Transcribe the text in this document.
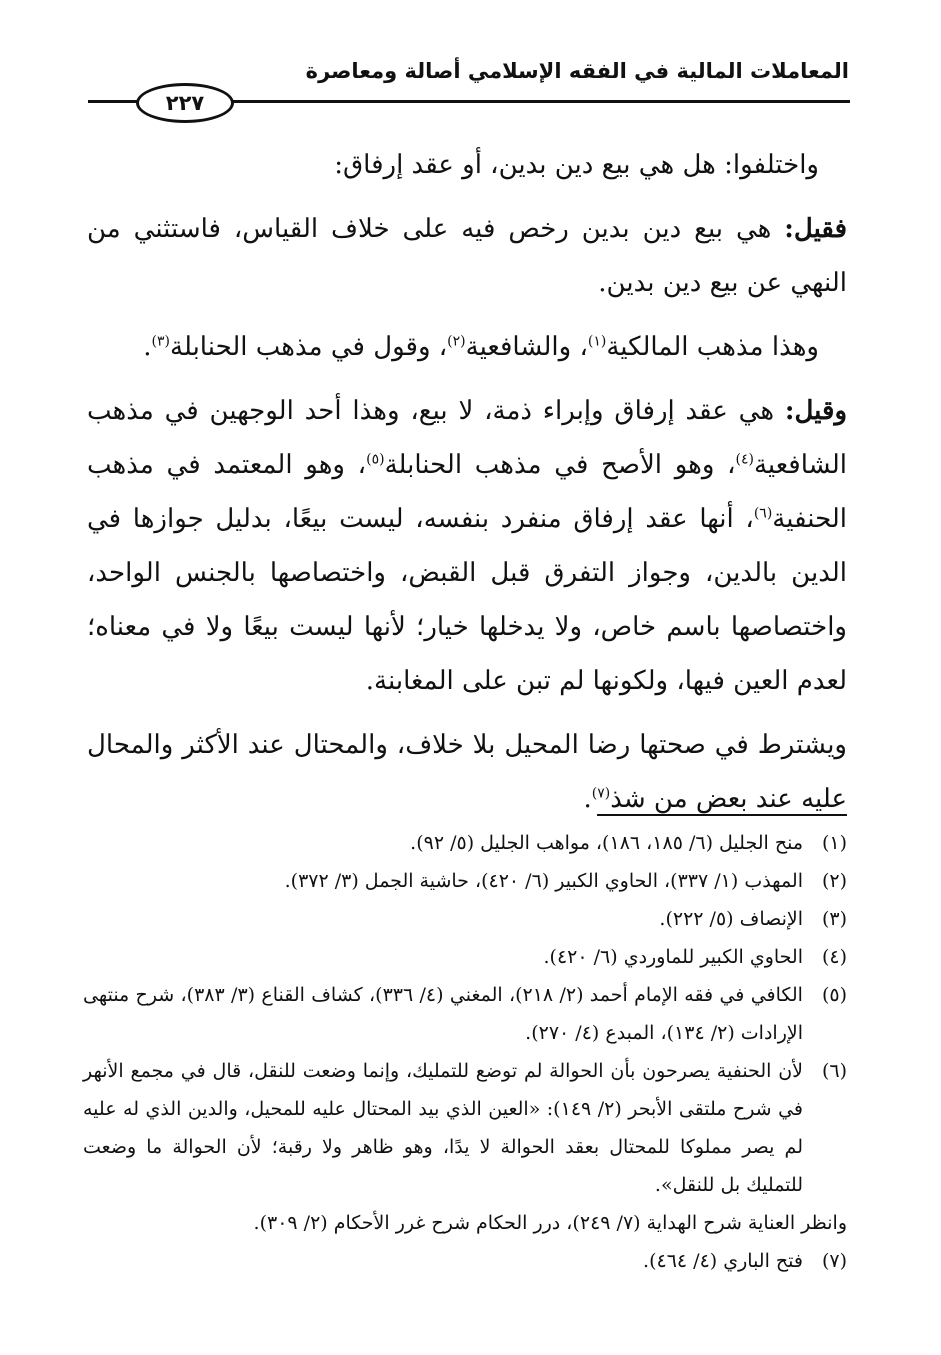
المعاملات المالية في الفقه الإسلامي أصالة ومعاصرة
٢٢٧

واختلفوا: هل هي بيع دين بدين، أو عقد إرفاق:

فقيل: هي بيع دين بدين رخص فيه على خلاف القياس، فاستثني من النهي عن بيع دين بدين.

وهذا مذهب المالكية$^{(١)}$، والشافعية$^{(٢)}$، وقول في مذهب الحنابلة$^{(٣)}$.

وقيل: هي عقد إرفاق وإبراء ذمة، لا بيع، وهذا أحد الوجهين في مذهب الشافعية$^{(٤)}$، وهو الأصح في مذهب الحنابلة$^{(٥)}$، وهو المعتمد في مذهب الحنفية$^{(٦)}$، أنها عقد إرفاق منفرد بنفسه، ليست بيعًا، بدليل جوازها في الدين بالدين، وجواز التفرق قبل القبض، واختصاصها بالجنس الواحد، واختصاصها باسم خاص، ولا يدخلها خيار؛ لأنها ليست بيعًا ولا في معناه؛ لعدم العين فيها، ولكونها لم تبن على المغابنة.

ويشترط في صحتها رضا المحيل بلا خلاف، والمحتال عند الأكثر والمحال عليه عند بعض من شذ$^{(٧)}$.

(١)
منح الجليل (٦/ ١٨٥، ١٨٦)، مواهب الجليل (٥/ ٩٢).
(٢)
المهذب (١/ ٣٣٧)، الحاوي الكبير (٦/ ٤٢٠)، حاشية الجمل (٣/ ٣٧٢).
(٣)
الإنصاف (٥/ ٢٢٢).
(٤)
الحاوي الكبير للماوردي (٦/ ٤٢٠).
(٥)
الكافي في فقه الإمام أحمد (٢/ ٢١٨)، المغني (٤/ ٣٣٦)، كشاف القناع (٣/ ٣٨٣)، شرح منتهى الإرادات (٢/ ١٣٤)، المبدع (٤/ ٢٧٠).
(٦)
لأن الحنفية يصرحون بأن الحوالة لم توضع للتمليك، وإنما وضعت للنقل، قال في مجمع الأنهر في شرح ملتقى الأبحر (٢/ ١٤٩): «العين الذي بيد المحتال عليه للمحيل، والدين الذي له عليه لم يصر مملوكا للمحتال بعقد الحوالة لا يدًا، وهو ظاهر ولا رقبة؛ لأن الحوالة ما وضعت للتمليك بل للنقل».
وانظر العناية شرح الهداية (٧/ ٢٤٩)، درر الحكام شرح غرر الأحكام (٢/ ٣٠٩).
(٧)
فتح الباري (٤/ ٤٦٤).
